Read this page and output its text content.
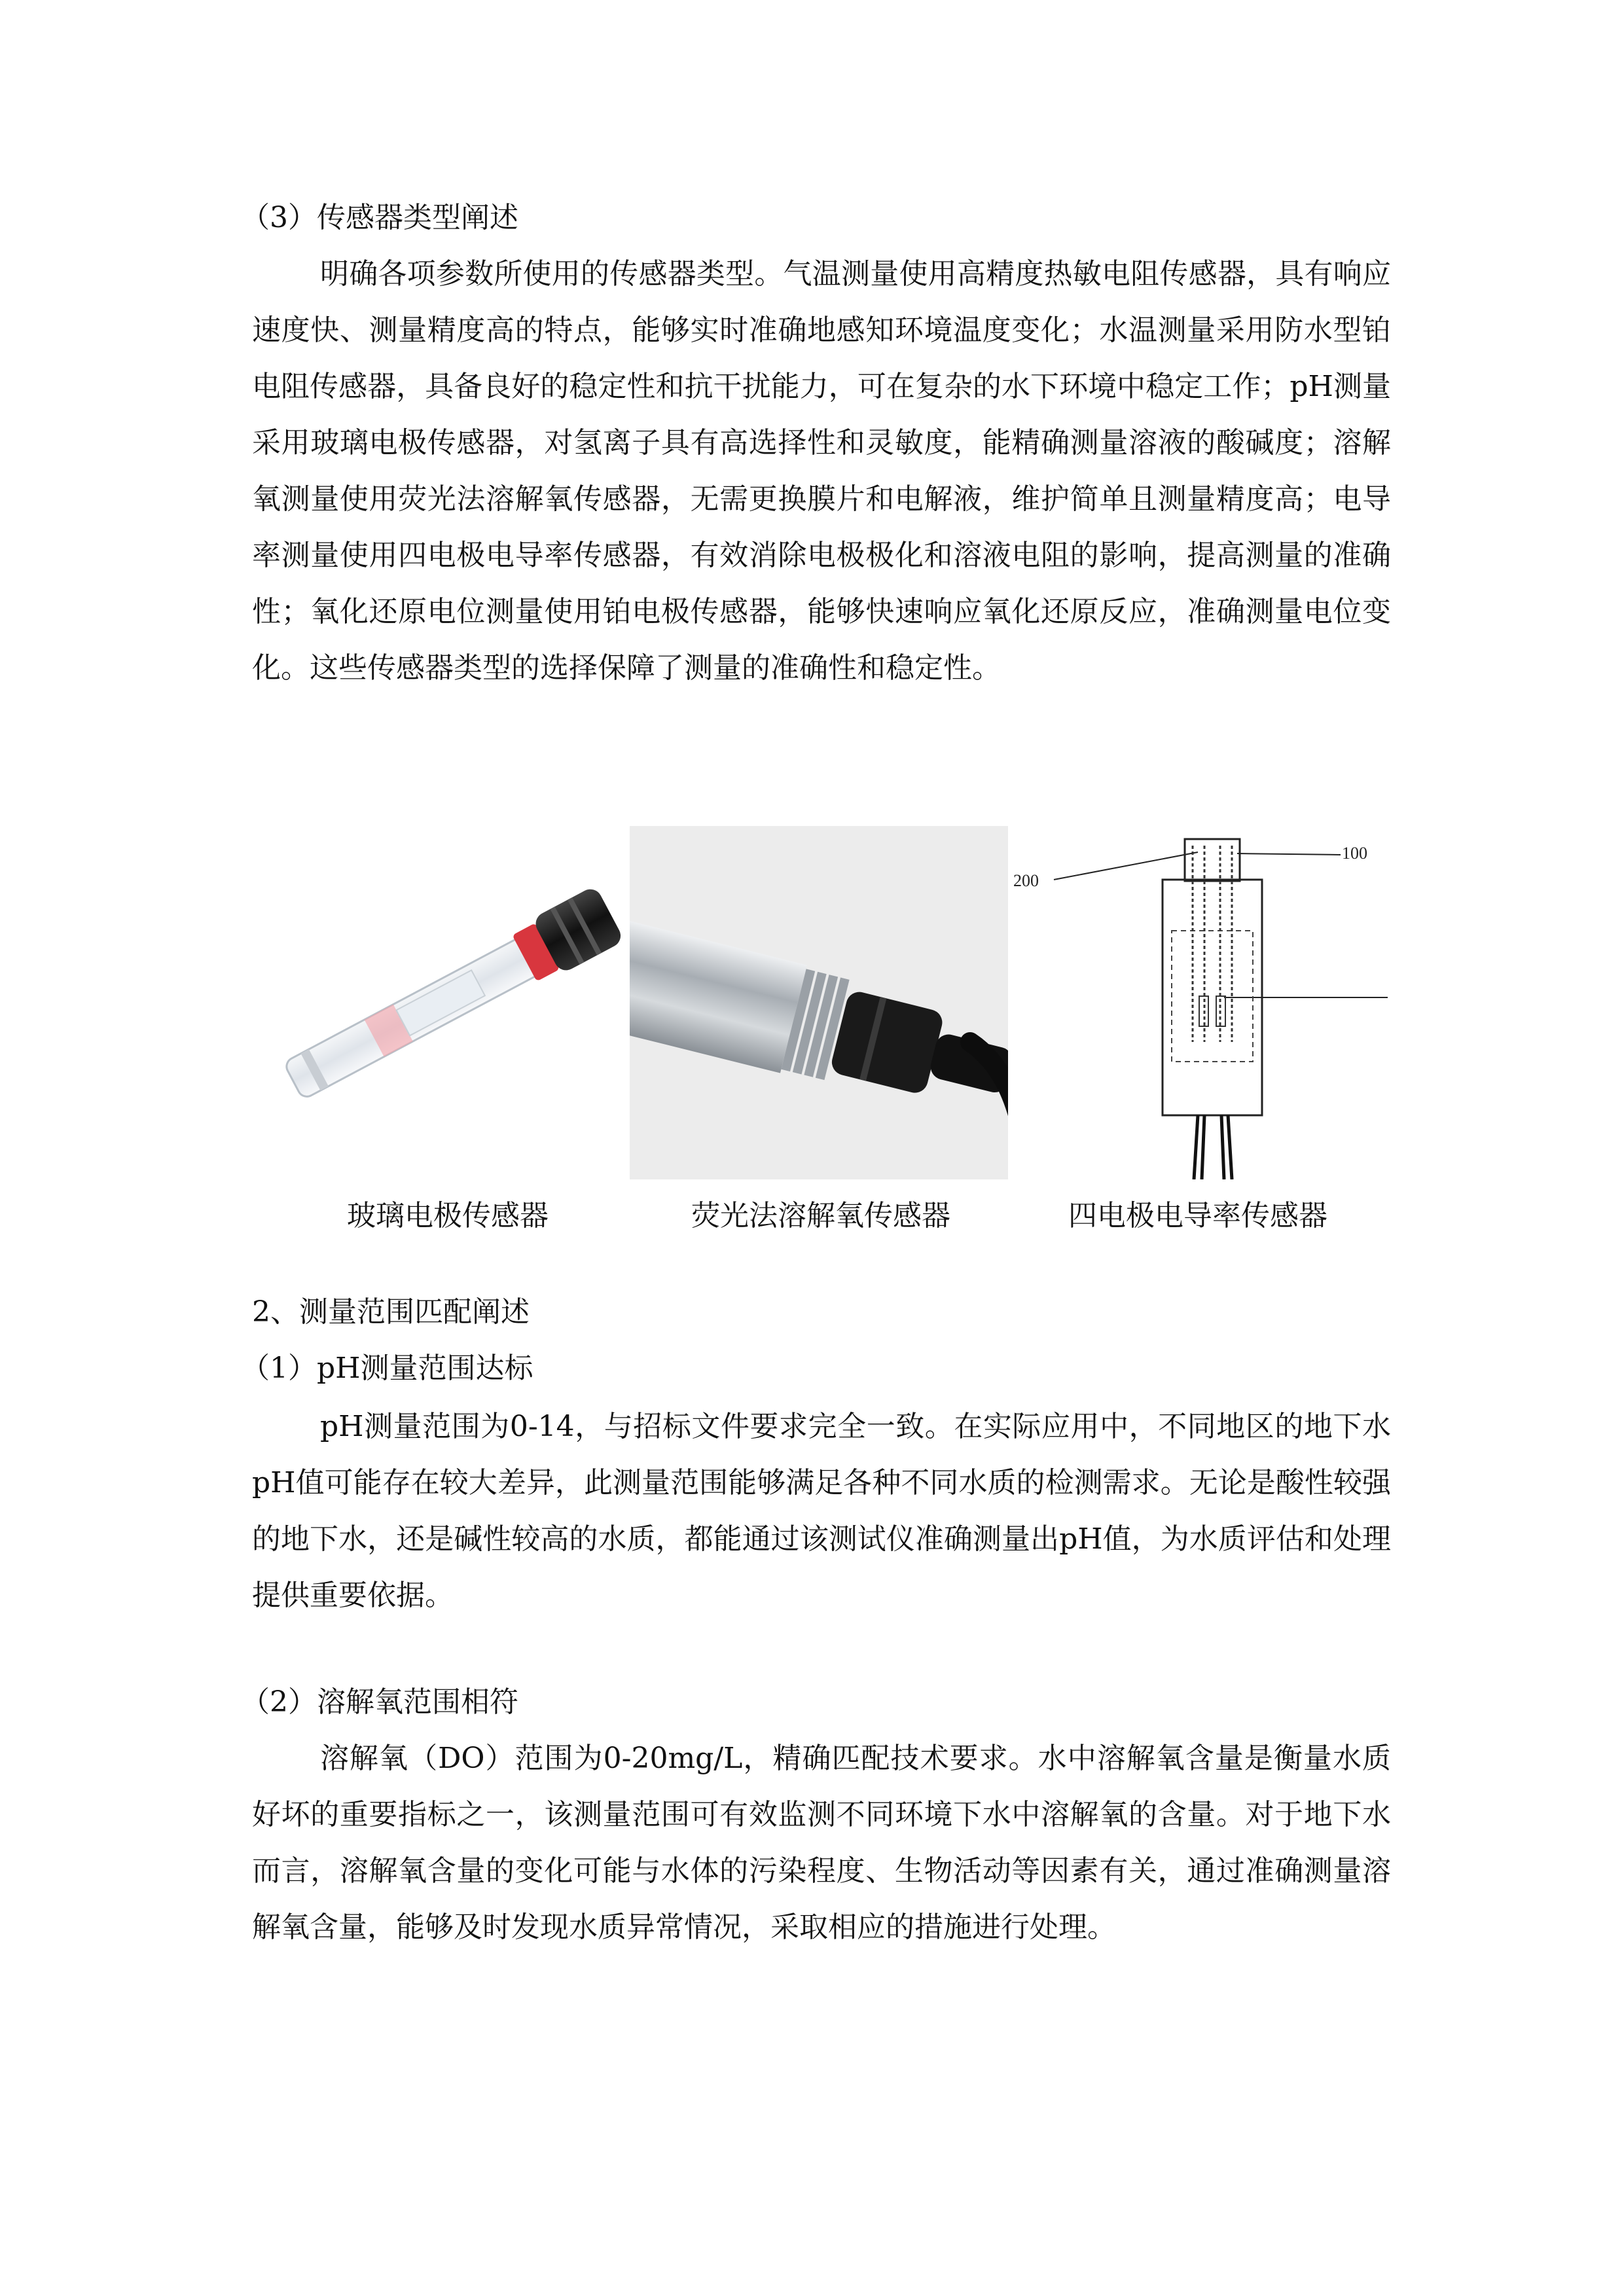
（3）传感器类型阐述

明确各项参数所使用的传感器类型。气温测量使用高精度热敏电阻传感器，具有响应速度快、测量精度高的特点，能够实时准确地感知环境温度变化；水温测量采用防水型铂电阻传感器，具备良好的稳定性和抗干扰能力，可在复杂的水下环境中稳定工作；pH测量采用玻璃电极传感器，对氢离子具有高选择性和灵敏度，能精确测量溶液的酸碱度；溶解氧测量使用荧光法溶解氧传感器，无需更换膜片和电解液，维护简单且测量精度高；电导率测量使用四电极电导率传感器，有效消除电极极化和溶液电阻的影响，提高测量的准确性；氧化还原电位测量使用铂电极传感器，能够快速响应氧化还原反应，准确测量电位变化。这些传感器类型的选择保障了测量的准确性和稳定性。

200
100
玻璃电极传感器	荧光法溶解氧传感器	四电极电导率传感器
2、测量范围匹配阐述
（1）pH测量范围达标

pH测量范围为0-14，与招标文件要求完全一致。在实际应用中，不同地区的地下水pH值可能存在较大差异，此测量范围能够满足各种不同水质的检测需求。无论是酸性较强的地下水，还是碱性较高的水质，都能通过该测试仪准确测量出pH值，为水质评估和处理提供重要依据。

（2）溶解氧范围相符

溶解氧（DO）范围为0-20mg/L，精确匹配技术要求。水中溶解氧含量是衡量水质好坏的重要指标之一，该测量范围可有效监测不同环境下水中溶解氧的含量。对于地下水而言，溶解氧含量的变化可能与水体的污染程度、生物活动等因素有关，通过准确测量溶解氧含量，能够及时发现水质异常情况，采取相应的措施进行处理。
